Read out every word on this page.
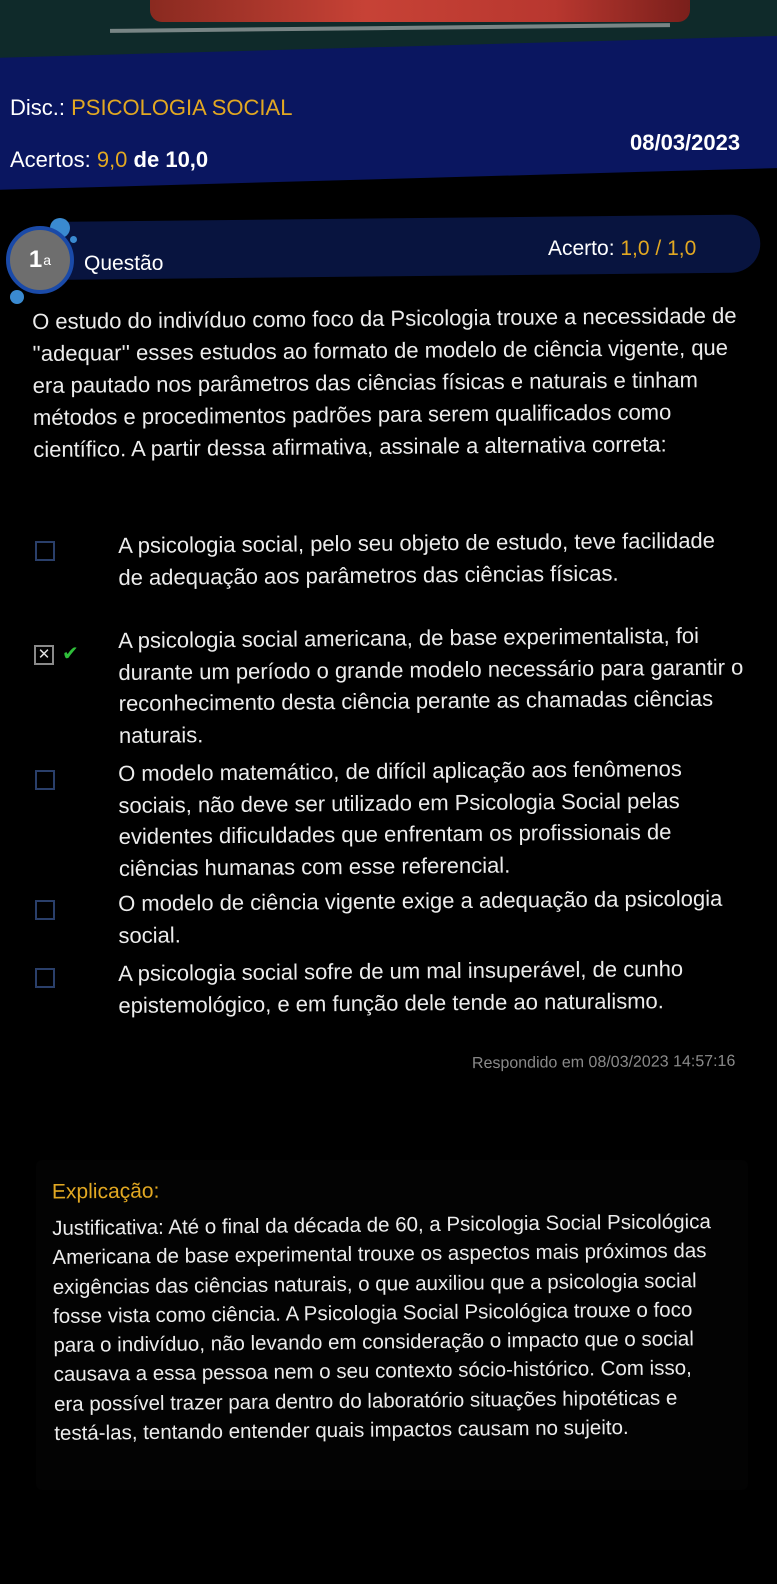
Disc.: PSICOLOGIA SOCIAL
Acertos: 9,0 de 10,0
08/03/2023
1 a Questão
Acerto: 1,0 / 1,0
O estudo do indivíduo como foco da Psicologia trouxe a necessidade de ''adequar'' esses estudos ao formato de modelo de ciência vigente, que era pautado nos parâmetros das ciências físicas e naturais e tinham métodos e procedimentos padrões para serem qualificados como científico. A partir dessa afirmativa, assinale a alternativa correta:
A psicologia social, pelo seu objeto de estudo, teve facilidade de adequação aos parâmetros das ciências físicas.
✕ ✔
A psicologia social americana, de base experimentalista, foi durante um período o grande modelo necessário para garantir o reconhecimento desta ciência perante as chamadas ciências naturais.
O modelo matemático, de difícil aplicação aos fenômenos sociais, não deve ser utilizado em Psicologia Social pelas evidentes dificuldades que enfrentam os profissionais de ciências humanas com esse referencial.
O modelo de ciência vigente exige a adequação da psicologia social.
A psicologia social sofre de um mal insuperável, de cunho epistemológico, e em função dele tende ao naturalismo.
Respondido em 08/03/2023 14:57:16
Explicação:
Justificativa: Até o final da década de 60, a Psicologia Social Psicológica Americana de base experimental trouxe os aspectos mais próximos das exigências das ciências naturais, o que auxiliou que a psicologia social fosse vista como ciência. A Psicologia Social Psicológica trouxe o foco para o indivíduo, não levando em consideração o impacto que o social causava a essa pessoa nem o seu contexto sócio-histórico. Com isso, era possível trazer para dentro do laboratório situações hipotéticas e testá-las, tentando entender quais impactos causam no sujeito.
